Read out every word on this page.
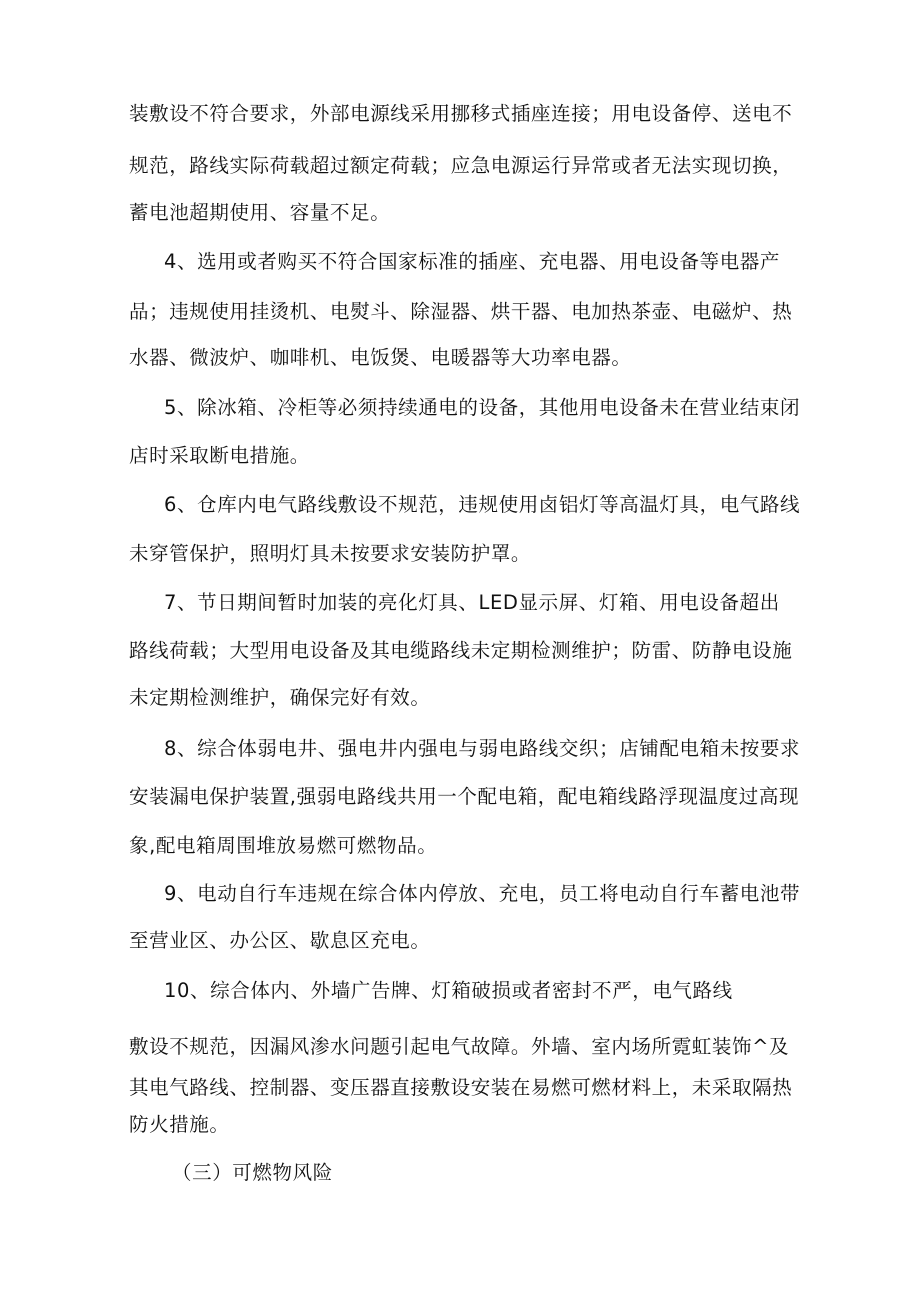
装敷设不符合要求，外部电源线采用挪移式插座连接；用电设备停、送电不
规范，路线实际荷载超过额定荷载；应急电源运行异常或者无法实现切换，
蓄电池超期使用、容量不足。
4、选用或者购买不符合国家标准的插座、充电器、用电设备等电器产
品；违规使用挂烫机、电熨斗、除湿器、烘干器、电加热茶壶、电磁炉、热
水器、微波炉、咖啡机、电饭煲、电暖器等大功率电器。
5、除冰箱、冷柜等必须持续通电的设备，其他用电设备未在营业结束闭
店时采取断电措施。
6、仓库内电气路线敷设不规范，违规使用卤铝灯等高温灯具，电气路线
未穿管保护，照明灯具未按要求安装防护罩。
7、节日期间暂时加装的亮化灯具、LED显示屏、灯箱、用电设备超出
路线荷载；大型用电设备及其电缆路线未定期检测维护；防雷、防静电设施
未定期检测维护，确保完好有效。
8、综合体弱电井、强电井内强电与弱电路线交织；店铺配电箱未按要求
安装漏电保护装置,强弱电路线共用一个配电箱，配电箱线路浮现温度过高现
象,配电箱周围堆放易燃可燃物品。
9、电动自行车违规在综合体内停放、充电，员工将电动自行车蓄电池带
至营业区、办公区、歇息区充电。
10、综合体内、外墙广告牌、灯箱破损或者密封不严，电气路线
敷设不规范，因漏风渗水问题引起电气故障。外墙、室内场所霓虹装饰^及
其电气路线、控制器、变压器直接敷设安装在易燃可燃材料上，未采取隔热
防火措施。
（三）可燃物风险
